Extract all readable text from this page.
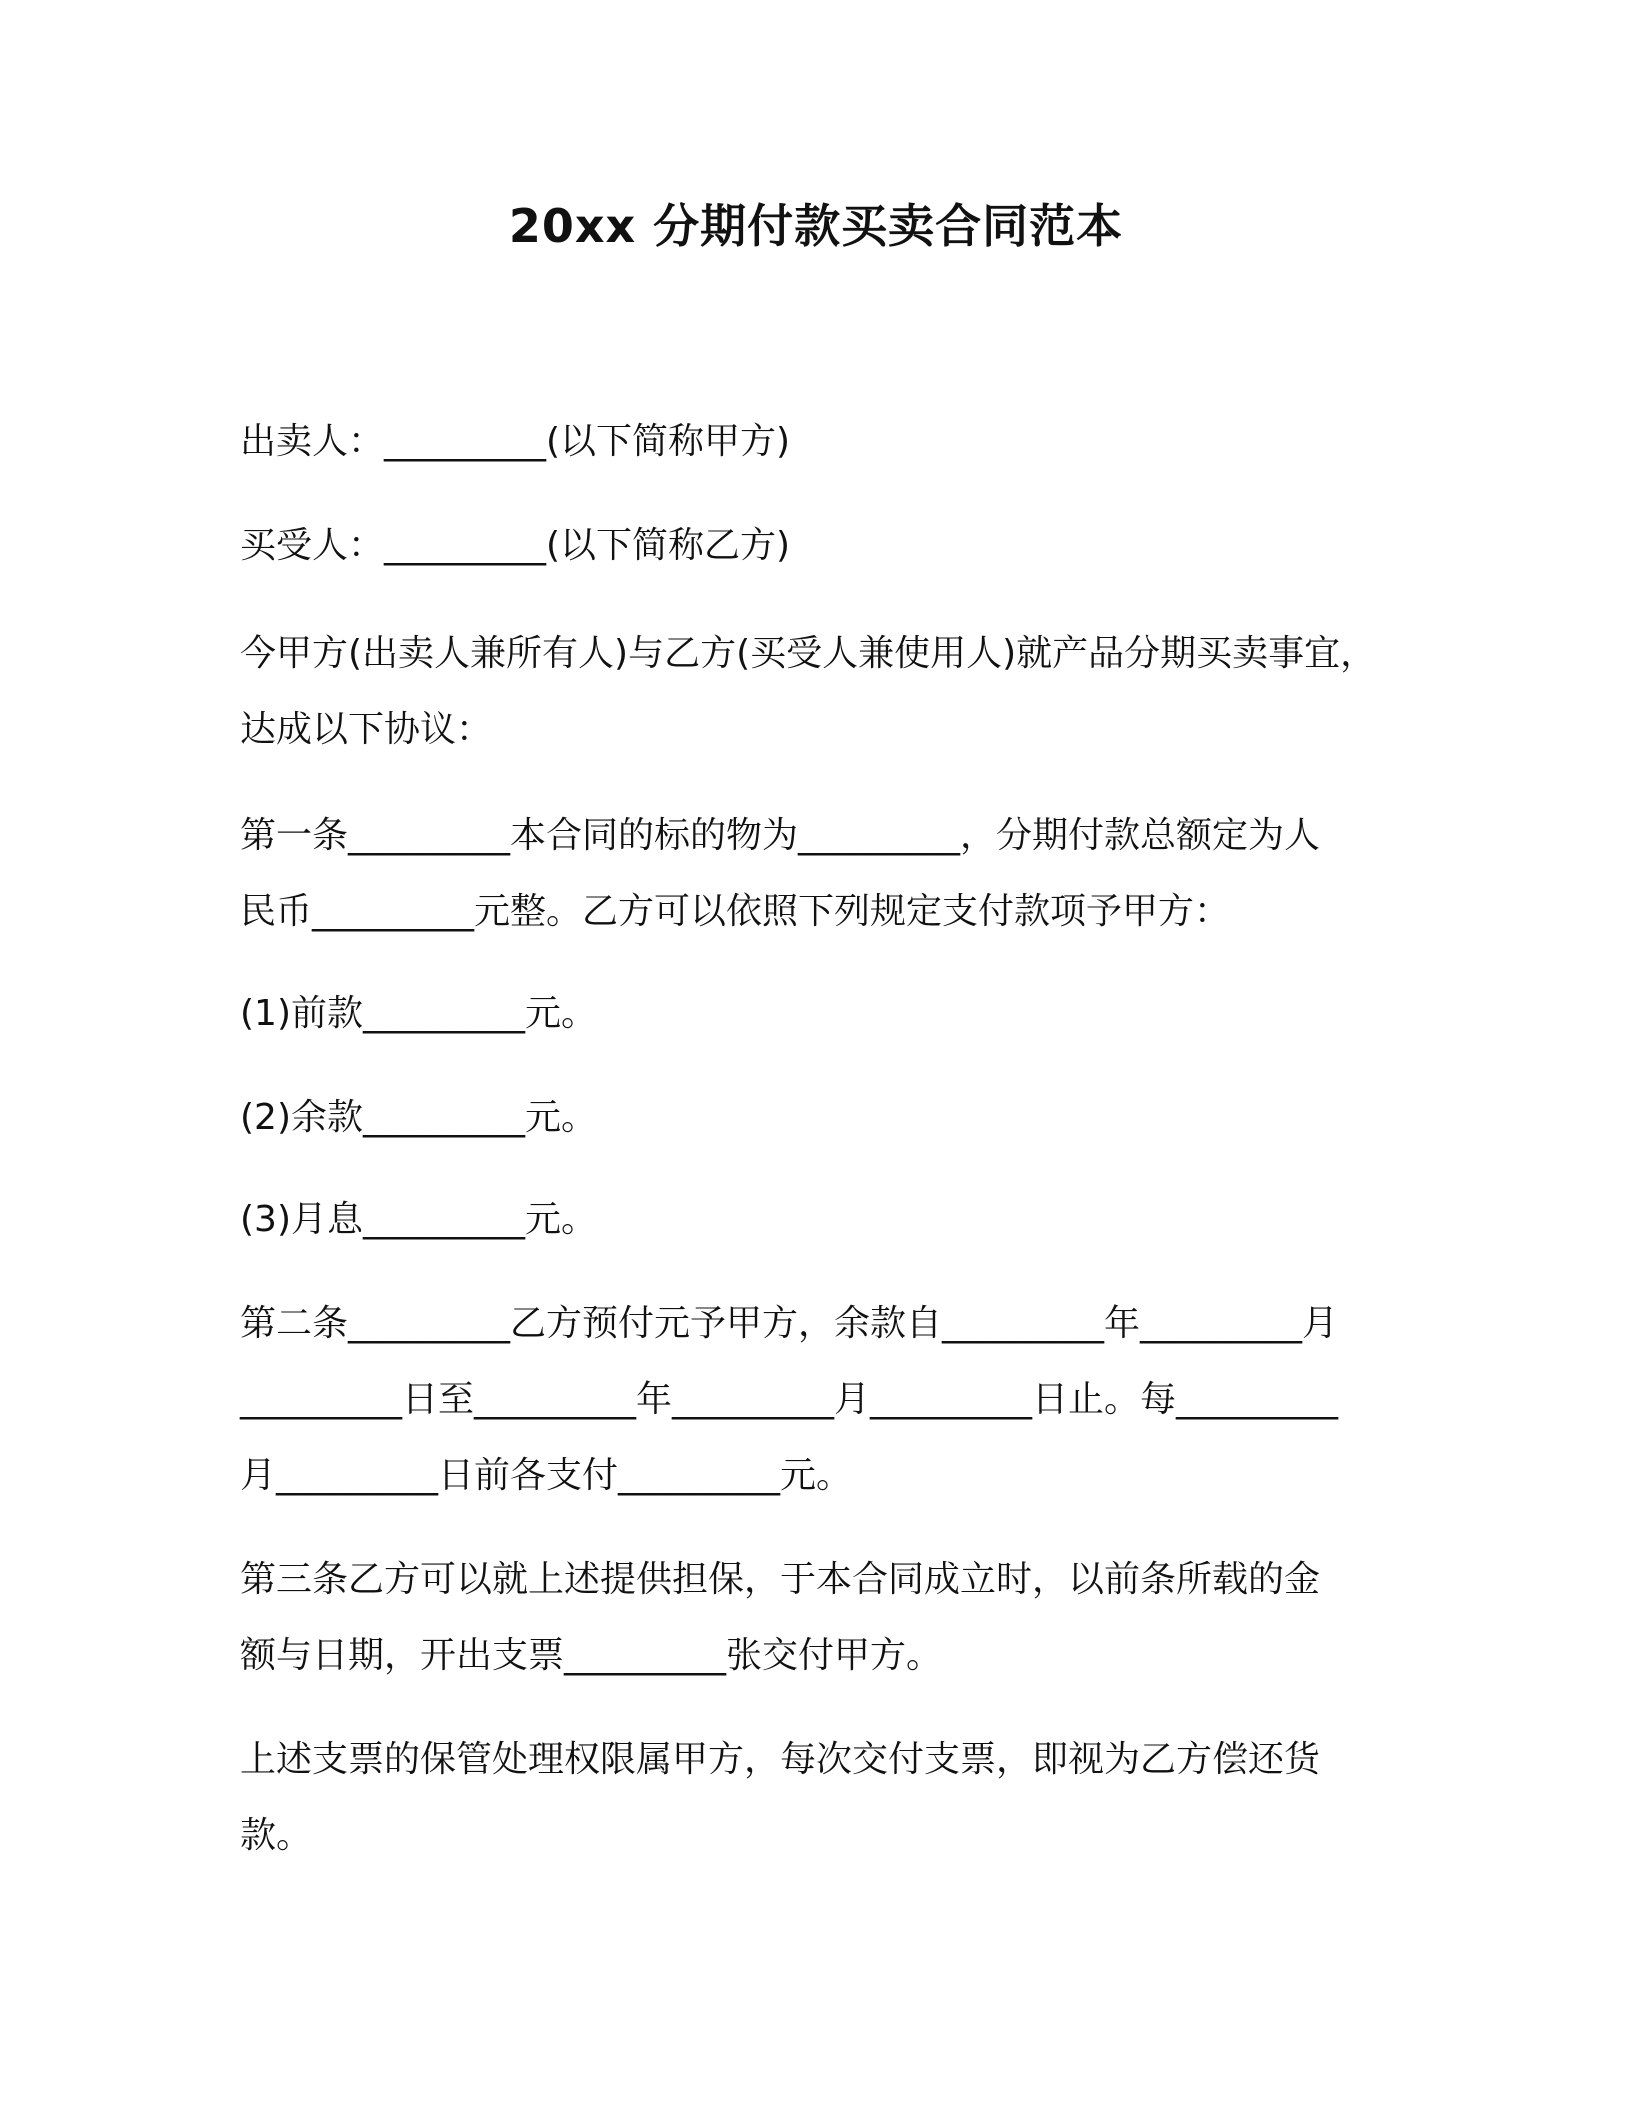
20xx 分期付款买卖合同范本

出卖人：_________(以下简称甲方)

买受人：_________(以下简称乙方)

今甲方(出卖人兼所有人)与乙方(买受人兼使用人)就产品分期买卖事宜，

达成以下协议：

第一条_________本合同的标的物为_________，分期付款总额定为人

民币_________元整。乙方可以依照下列规定支付款项予甲方：

(1)前款_________元。

(2)余款_________元。

(3)月息_________元。

第二条_________乙方预付元予甲方，余款自_________年_________月

_________日至_________年_________月_________日止。每_________

月_________日前各支付_________元。

第三条乙方可以就上述提供担保，于本合同成立时，以前条所载的金

额与日期，开出支票_________张交付甲方。

上述支票的保管处理权限属甲方，每次交付支票，即视为乙方偿还货

款。
